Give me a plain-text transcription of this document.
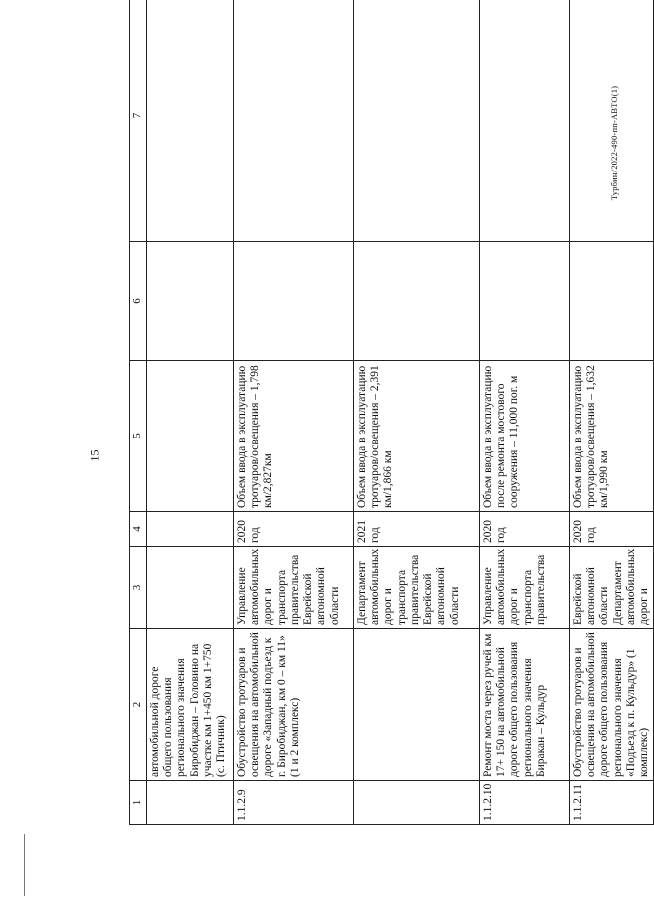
15
Турбин/2022-490-пп-АВТО(1)
1	2	3	4	5	6	7
	автомобильной дороге общего пользования регионального значения Биробиджан – Головино на участке км 1+450 км 1+750 (с. Птичник)					
1.1.2.9	Обустройство тротуаров и освещения на автомобильной дороге «Западный подъезд к г. Биробиджан, км 0 – км 11» (1 и 2 комплекс)	Управление автомобильных дорог и транспорта правительства Еврейской автономной области	2020 год	Объем ввода в эксплуатацию тротуаров/освещения – 1,798 км/2,827км		
		Департамент автомобильных дорог и транспорта правительства Еврейской автономной области	2021 год	Объем ввода в эксплуатацию тротуаров/освещения – 2,391 км/1,866 км		
1.1.2.10	Ремонт моста через ручей км 17+ 150 на автомобильной дороге общего пользования регионального значения Биракан – Кульдур	Управление автомобильных дорог и транспорта правительства	2020 год	Объем ввода в эксплуатацию после ремонта мостового сооружения – 11,000 пог. м		
1.1.2.11	Обустройство тротуаров и освещения на автомобильной дороге общего пользования регионального значения «Подъезд к п. Кульдур» (1 комплекс)	Еврейской автономной области Департамент автомобильных дорог и	2020 год	Объем ввода в эксплуатацию тротуаров/освещения – 1,632 км/1,990 км		
